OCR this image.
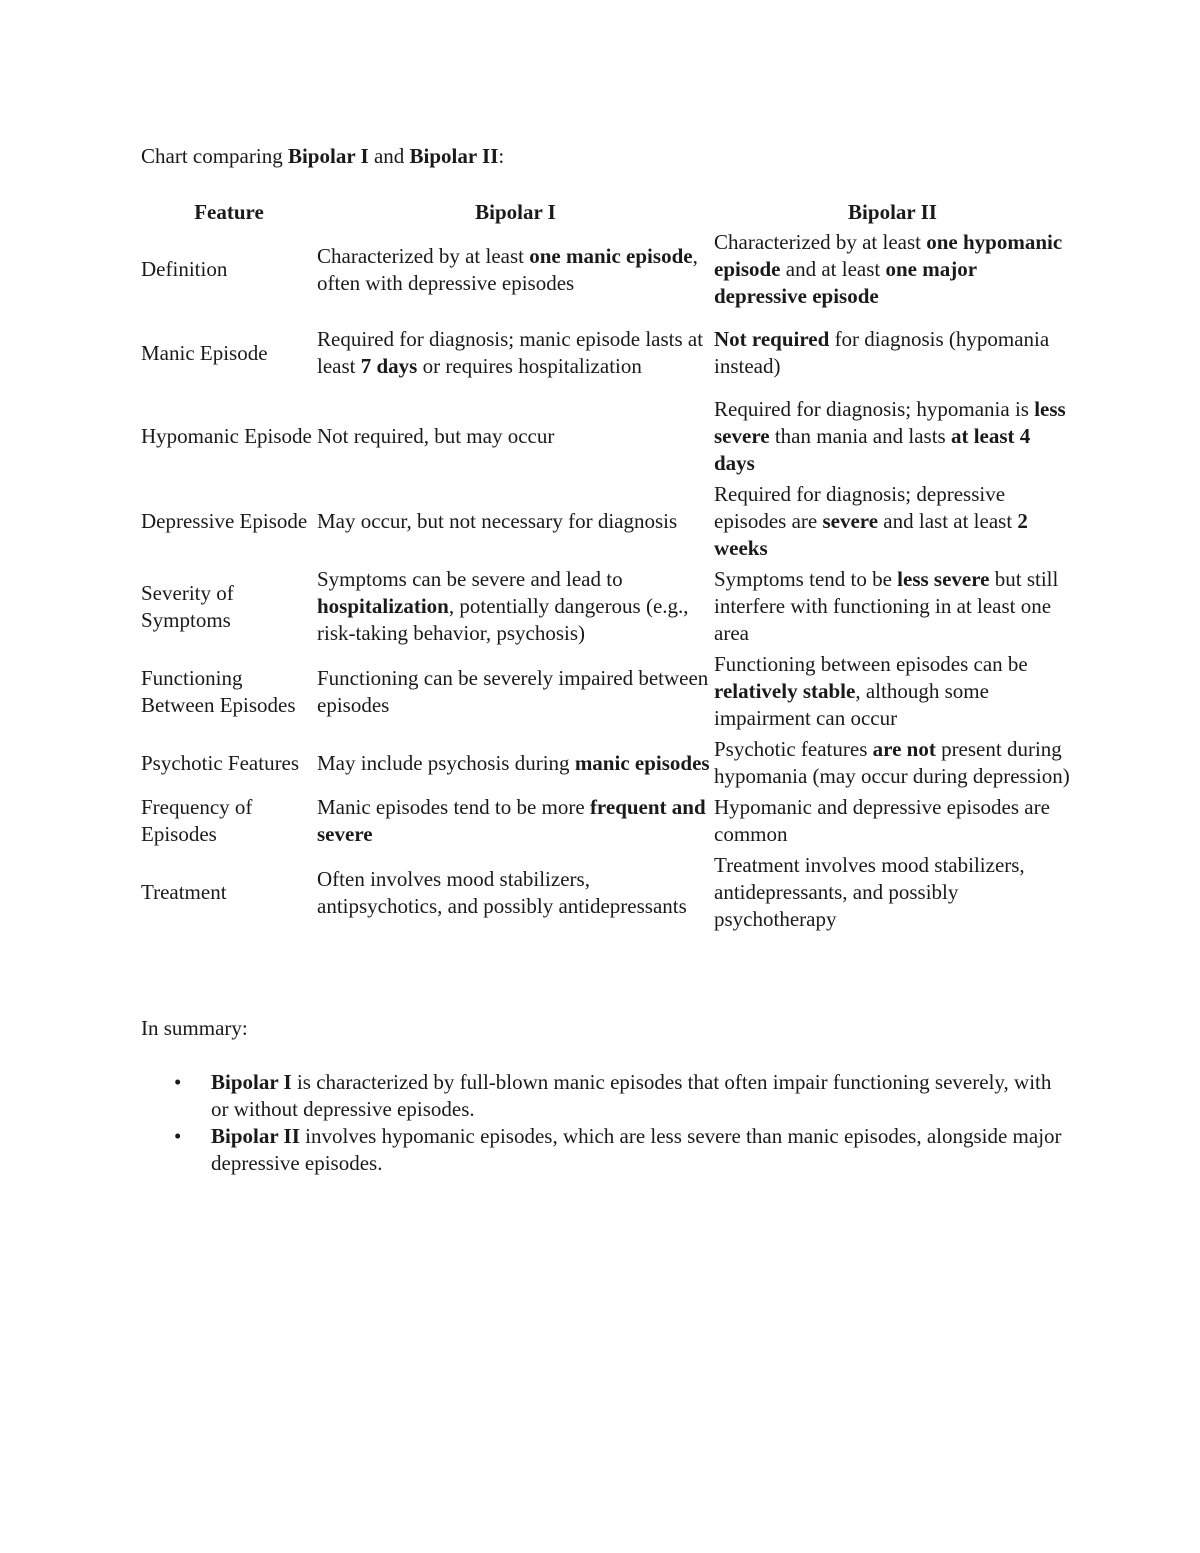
Chart comparing Bipolar I and Bipolar II:
Feature	Bipolar I	Bipolar II
Definition	Characterized by at least one manic episode, often with depressive episodes	Characterized by at least one hypomanic episode and at least one major depressive episode
Manic Episode	Required for diagnosis; manic episode lasts at least 7 days or requires hospitalization	Not required for diagnosis (hypomania instead)
Hypomanic Episode	Not required, but may occur	Required for diagnosis; hypomania is less severe than mania and lasts at least 4 days
Depressive Episode	May occur, but not necessary for diagnosis	Required for diagnosis; depressive episodes are severe and last at least 2 weeks
Severity of Symptoms	Symptoms can be severe and lead to hospitalization, potentially dangerous (e.g., risk-taking behavior, psychosis)	Symptoms tend to be less severe but still interfere with functioning in at least one area
Functioning Between Episodes	Functioning can be severely impaired between episodes	Functioning between episodes can be relatively stable, although some impairment can occur
Psychotic Features	May include psychosis during manic episodes	Psychotic features are not present during hypomania (may occur during depression)
Frequency of Episodes	Manic episodes tend to be more frequent and severe	Hypomanic and depressive episodes are common
Treatment	Often involves mood stabilizers, antipsychotics, and possibly antidepressants	Treatment involves mood stabilizers, antidepressants, and possibly psychotherapy
In summary:
• Bipolar I is characterized by full-blown manic episodes that often impair functioning severely, with or without depressive episodes.
• Bipolar II involves hypomanic episodes, which are less severe than manic episodes, alongside major depressive episodes.
